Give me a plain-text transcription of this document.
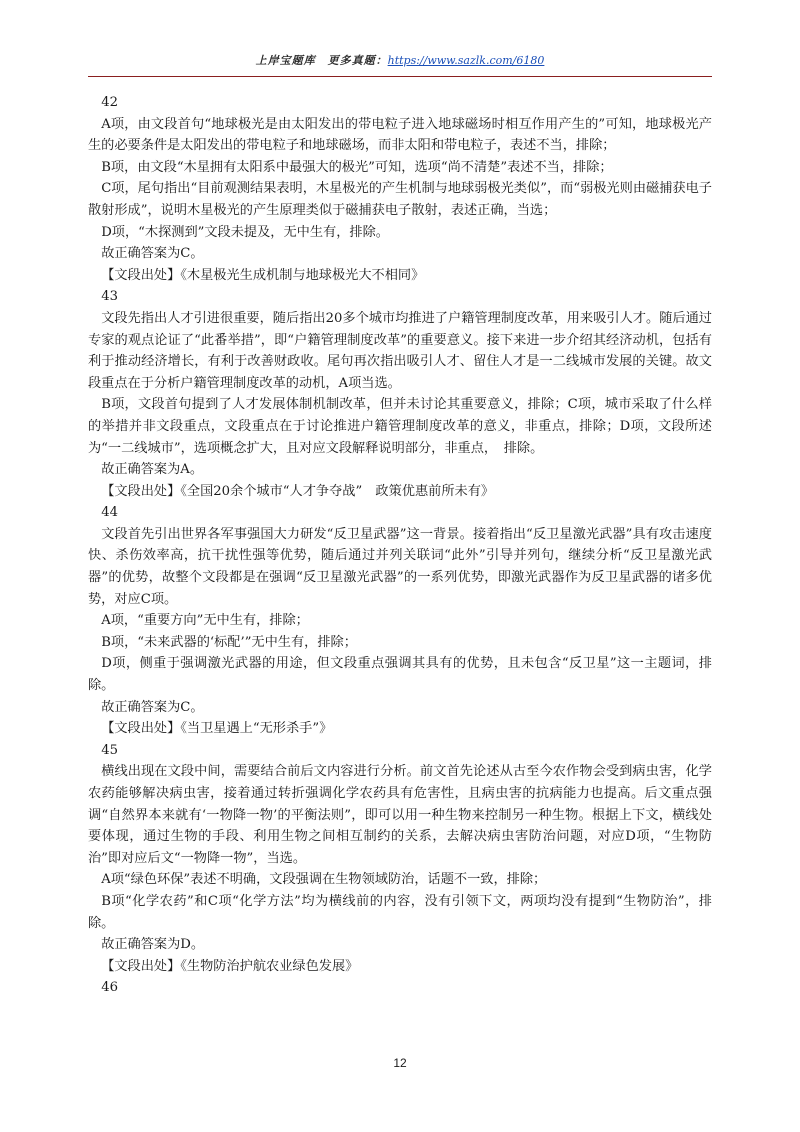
上岸宝题库　更多真题：https://www.sazlk.com/6180

42

A项，由文段首句“地球极光是由太阳发出的带电粒子进入地球磁场时相互作用产生的”可知，地球极光产生的必要条件是太阳发出的带电粒子和地球磁场，而非太阳和带电粒子，表述不当，排除；

B项，由文段“木星拥有太阳系中最强大的极光”可知，选项“尚不清楚”表述不当，排除；

C项，尾句指出“目前观测结果表明，木星极光的产生机制与地球弱极光类似”，而“弱极光则由磁捕获电子散射形成”，说明木星极光的产生原理类似于磁捕获电子散射，表述正确，当选；

D项，“木探测到”文段未提及，无中生有，排除。

故正确答案为C。

【文段出处】《木星极光生成机制与地球极光大不相同》

43

文段先指出人才引进很重要，随后指出20多个城市均推进了户籍管理制度改革，用来吸引人才。随后通过专家的观点论证了“此番举措”，即“户籍管理制度改革”的重要意义。接下来进一步介绍其经济动机，包括有利于推动经济增长，有利于改善财政收。尾句再次指出吸引人才、留住人才是一二线城市发展的关键。故文段重点在于分析户籍管理制度改革的动机，A项当选。

B项，文段首句提到了人才发展体制机制改革，但并未讨论其重要意义，排除；C项，城市采取了什么样的举措并非文段重点，文段重点在于讨论推进户籍管理制度改革的意义，非重点，排除；D项，文段所述为“一二线城市”，选项概念扩大，且对应文段解释说明部分，非重点，　排除。

故正确答案为A。

【文段出处】《全国20余个城市“人才争夺战”　政策优惠前所未有》

44

文段首先引出世界各军事强国大力研发“反卫星武器”这一背景。接着指出“反卫星激光武器”具有攻击速度快、杀伤效率高，抗干扰性强等优势，随后通过并列关联词“此外”引导并列句，继续分析“反卫星激光武器”的优势，故整个文段都是在强调“反卫星激光武器”的一系列优势，即激光武器作为反卫星武器的诸多优势，对应C项。

A项，“重要方向”无中生有，排除；

B项，“未来武器的‘标配’”无中生有，排除；

D项，侧重于强调激光武器的用途，但文段重点强调其具有的优势，且未包含“反卫星”这一主题词，排除。

故正确答案为C。

【文段出处】《当卫星遇上“无形杀手”》

45

横线出现在文段中间，需要结合前后文内容进行分析。前文首先论述从古至今农作物会受到病虫害，化学农药能够解决病虫害，接着通过转折强调化学农药具有危害性，且病虫害的抗病能力也提高。后文重点强调“自然界本来就有‘一物降一物’的平衡法则”，即可以用一种生物来控制另一种生物。根据上下文，横线处要体现，通过生物的手段、利用生物之间相互制约的关系，去解决病虫害防治问题，对应D项，“生物防治”即对应后文“一物降一物”，当选。

A项“绿色环保”表述不明确，文段强调在生物领域防治，话题不一致，排除；

B项“化学农药”和C项“化学方法”均为横线前的内容，没有引领下文，两项均没有提到“生物防治”，排除。

故正确答案为D。

【文段出处】《生物防治护航农业绿色发展》

46

12
